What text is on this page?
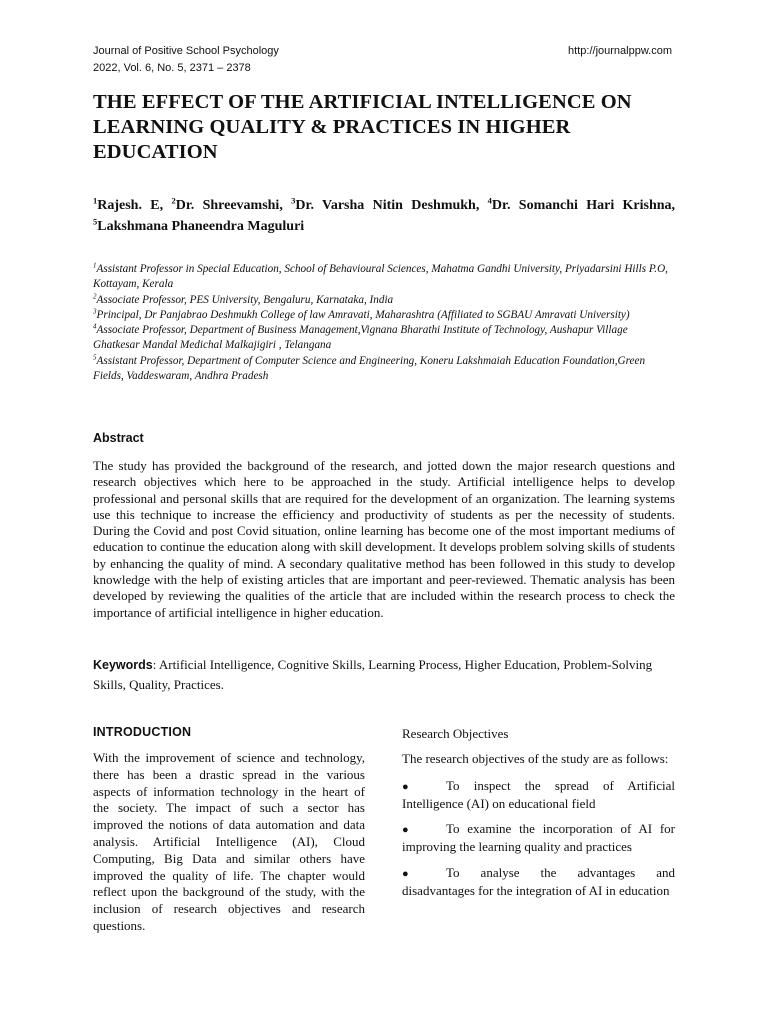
Journal of Positive School Psychology
2022, Vol. 6, No. 5, 2371 – 2378
http://journalppw.com
THE EFFECT OF THE ARTIFICIAL INTELLIGENCE ON LEARNING QUALITY & PRACTICES IN HIGHER EDUCATION

$^1$Rajesh. E, $^2$Dr. Shreevamshi, $^3$Dr. Varsha Nitin Deshmukh, $^4$Dr. Somanchi Hari Krishna, $^5$Lakshmana Phaneendra Maguluri

$^1$Assistant Professor in Special Education, School of Behavioural Sciences, Mahatma Gandhi University, Priyadarsini Hills P.O, Kottayam, Kerala
$^2$Associate Professor, PES University, Bengaluru, Karnataka, India
$^3$Principal, Dr Panjabrao Deshmukh College of law Amravati, Maharashtra (Affiliated to SGBAU Amravati University)
$^4$Associate Professor, Department of Business Management,Vignana Bharathi Institute of Technology, Aushapur Village Ghatkesar Mandal Medichal Malkajigiri , Telangana
$^5$Assistant Professor, Department of Computer Science and Engineering, Koneru Lakshmaiah Education Foundation,Green Fields, Vaddeswaram, Andhra Pradesh
Abstract

The study has provided the background of the research, and jotted down the major research questions and research objectives which here to be approached in the study. Artificial intelligence helps to develop professional and personal skills that are required for the development of an organization. The learning systems use this technique to increase the efficiency and productivity of students as per the necessity of students. During the Covid and post Covid situation, online learning has become one of the most important mediums of education to continue the education along with skill development. It develops problem solving skills of students by enhancing the quality of mind. A secondary qualitative method has been followed in this study to develop knowledge with the help of existing articles that are important and peer-reviewed. Thematic analysis has been developed by reviewing the qualities of the article that are included within the research process to check the importance of artificial intelligence in higher education.

Keywords: Artificial Intelligence, Cognitive Skills, Learning Process, Higher Education, Problem-Solving Skills, Quality, Practices.

INTRODUCTION

With the improvement of science and technology, there has been a drastic spread in the various aspects of information technology in the heart of the society. The impact of such a sector has improved the notions of data automation and data analysis. Artificial Intelligence (AI), Cloud Computing, Big Data and similar others have improved the quality of life. The chapter would reflect upon the background of the study, with the inclusion of research objectives and research questions.

Research Objectives

The research objectives of the study are as follows:

●	To inspect the spread of Artificial Intelligence (AI) on educational field
●	To examine the incorporation of AI for improving the learning quality and practices
●	To analyse the advantages and disadvantages for the integration of AI in education
